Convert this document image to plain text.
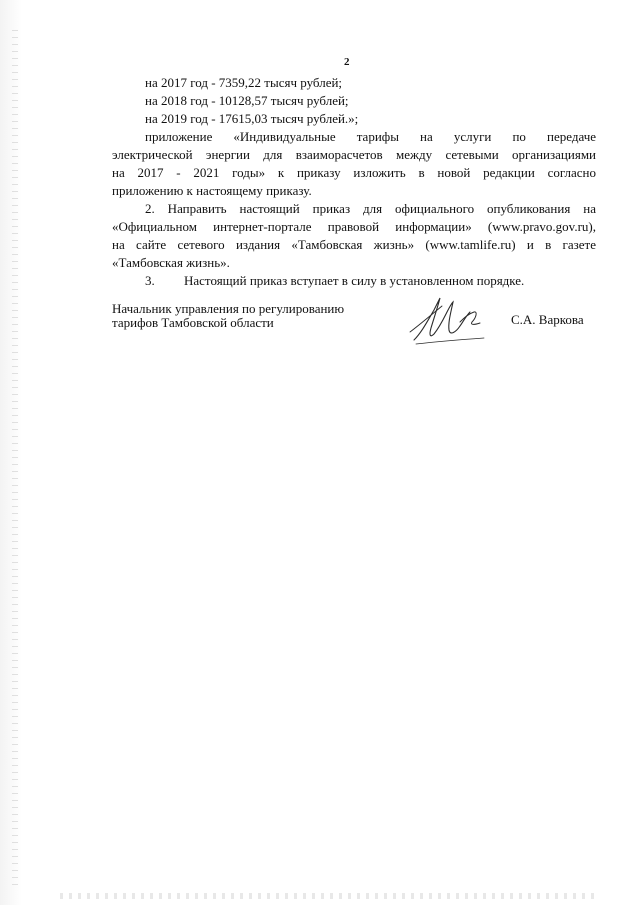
2
на 2017 год - 7359,22 тысяч рублей;
на 2018 год - 10128,57 тысяч рублей;
на 2019 год - 17615,03 тысяч рублей.»;
приложение «Индивидуальные тарифы на услуги по передаче
электрической энергии для взаиморасчетов между сетевыми организациями
на 2017 - 2021 годы» к приказу изложить в новой редакции согласно
приложению к настоящему приказу.
2. Направить настоящий приказ для официального опубликования на
«Официальном интернет-портале правовой информации» (www.pravo.gov.ru),
на сайте сетевого издания «Тамбовская жизнь» (www.tamlife.ru) и в газете
«Тамбовская жизнь».
3. Настоящий приказ вступает в силу в установленном порядке.
Начальник управления по регулированию
тарифов Тамбовской области	С.А. Варкова
